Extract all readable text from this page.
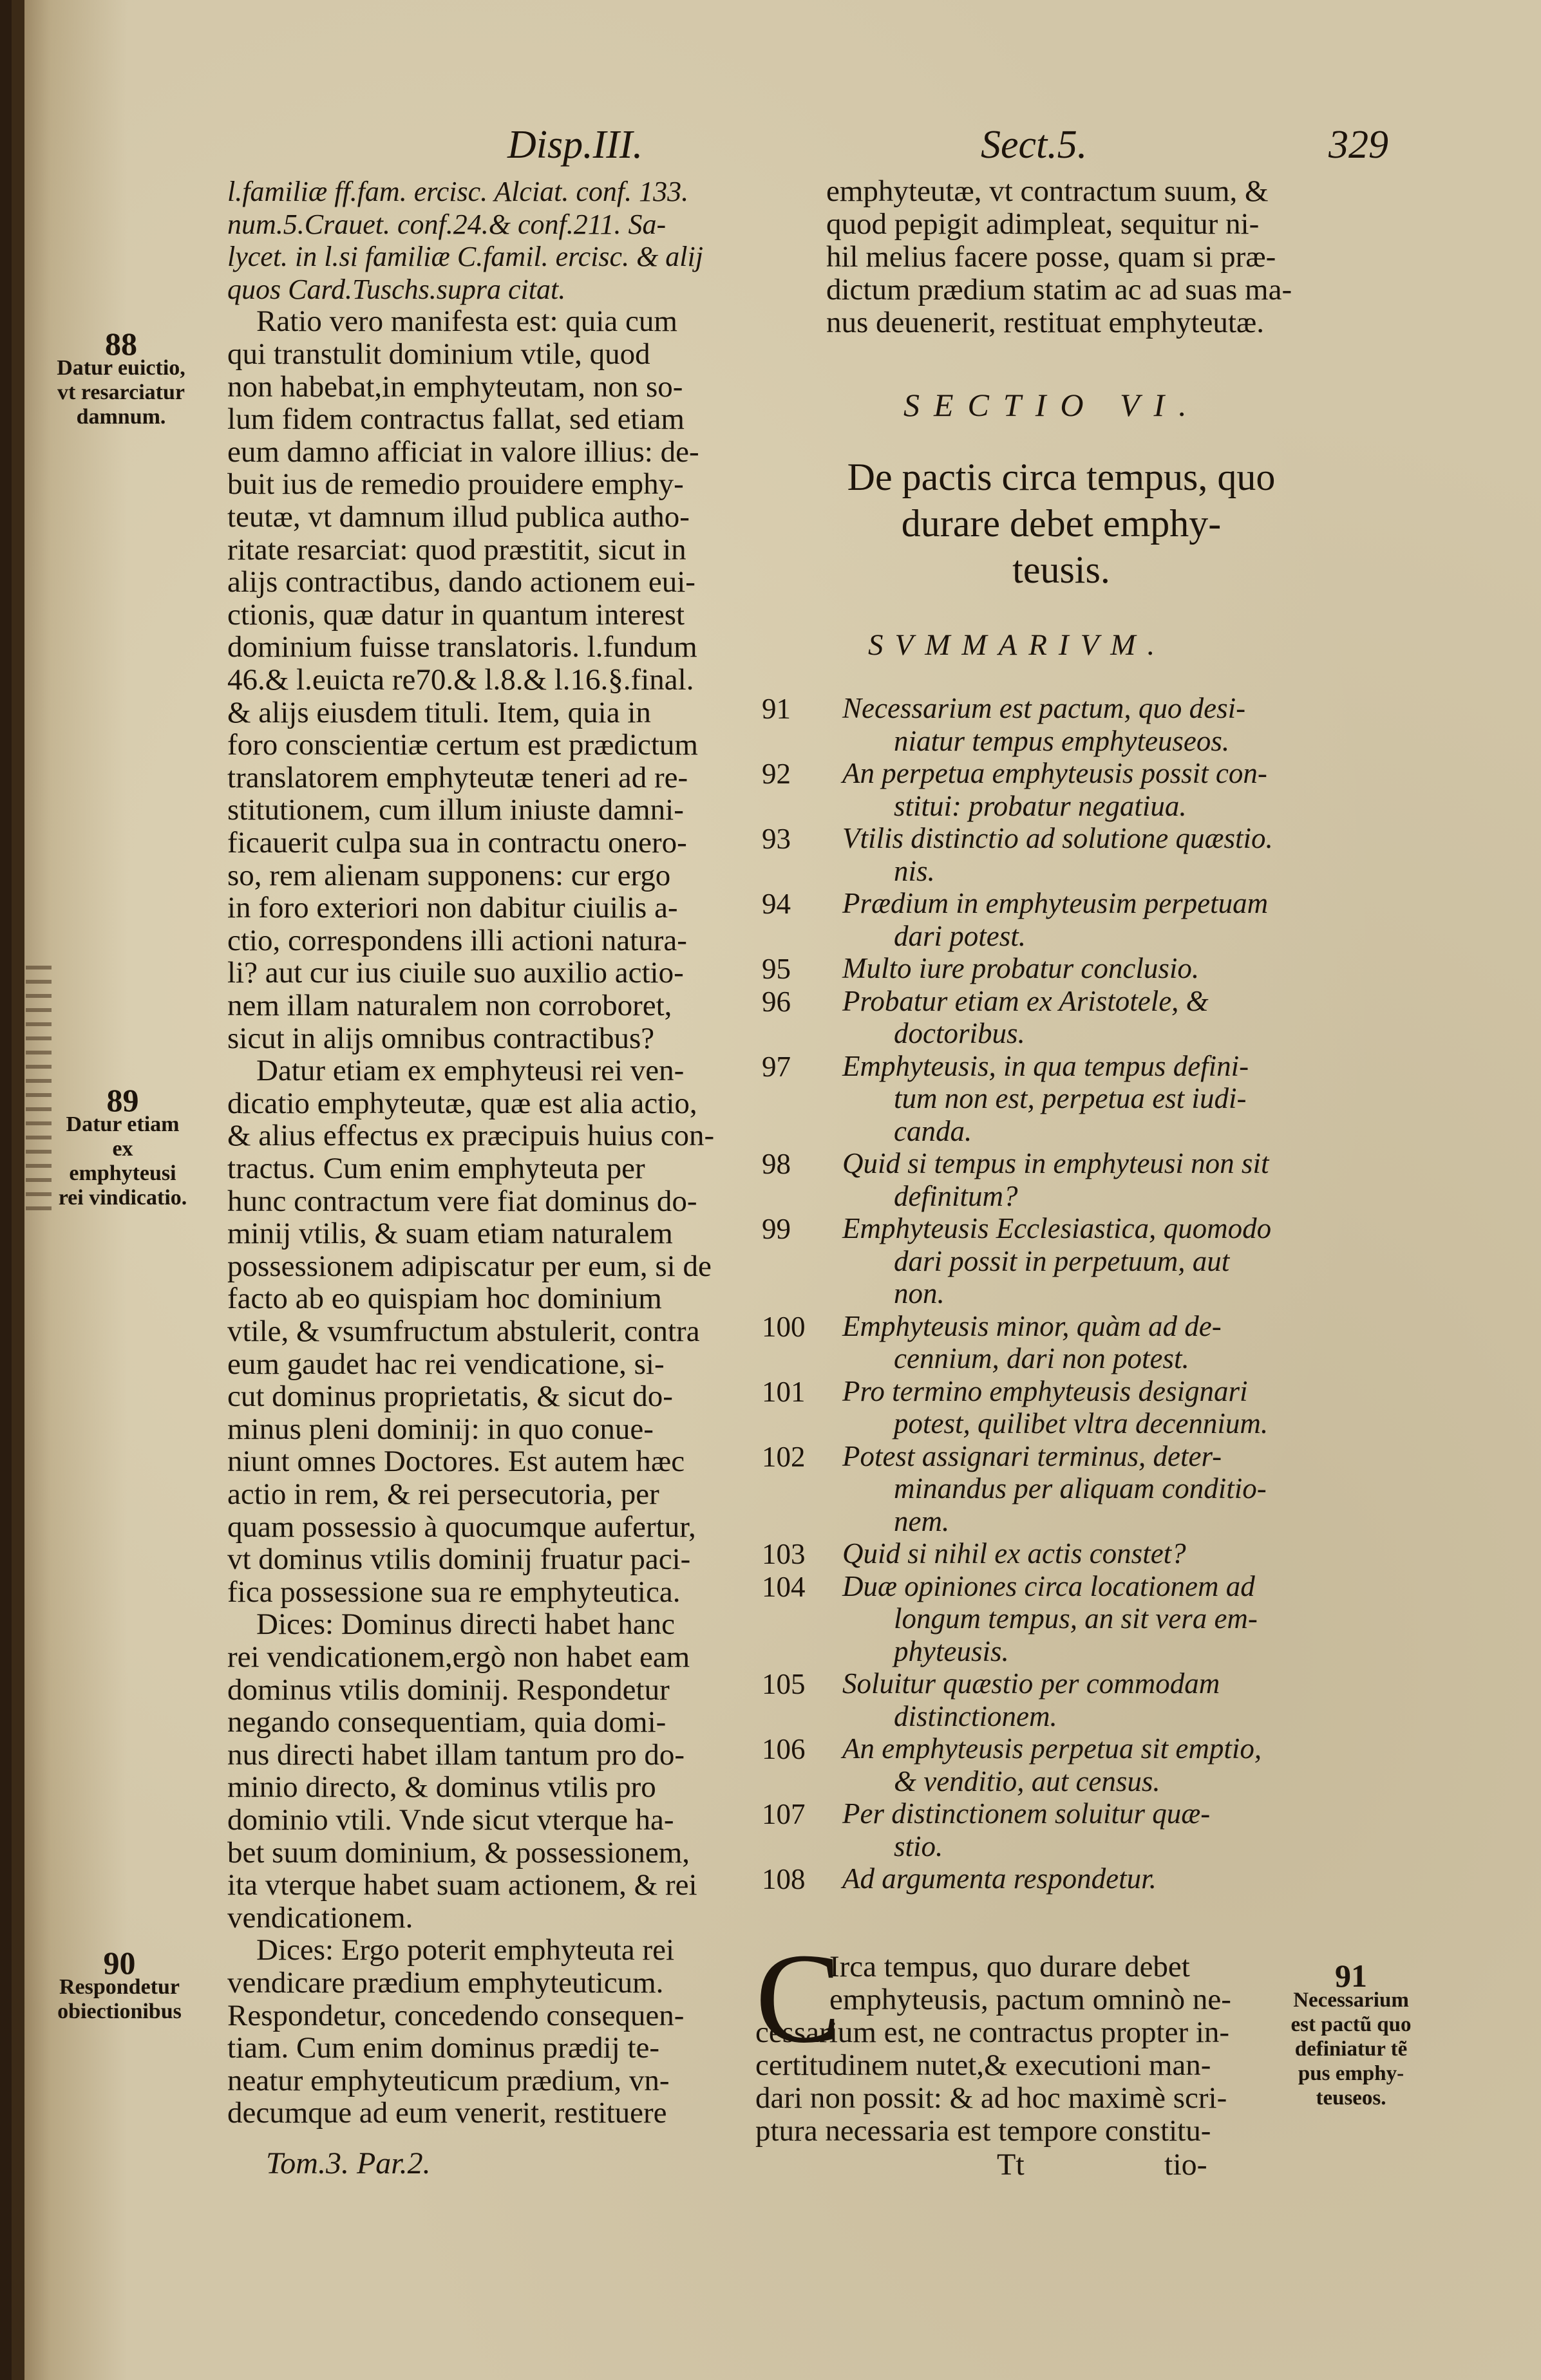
Disp.III.	Sect.5.	329
88
Datur euictio,
vt resarciatur
damnum.
89
Datur etiam
ex emphyteusi
rei vindicatio.
90
Respondetur
obiectionibus
l.familiæ ff.fam. ercisc. Alciat. conf. 133.
num.5.Crauet. conf.24.& conf.211. Sa-
lycet. in l.si familiæ C.famil. ercisc. & alij
quos Card.Tuschs.supra citat.
Ratio vero manifesta est: quia cum
qui transtulit dominium vtile, quod
non habebat,in emphyteutam, non so-
lum fidem contractus fallat, sed etiam
eum damno afficiat in valore illius: de-
buit ius de remedio prouidere emphy-
teutæ, vt damnum illud publica autho-
ritate resarciat: quod præstitit, sicut in
alijs contractibus, dando actionem eui-
ctionis, quæ datur in quantum interest
dominium fuisse translatoris. l.fundum
46.& l.euicta re70.& l.8.& l.16.§.final.
& alijs eiusdem tituli. Item, quia in
foro conscientiæ certum est prædictum
translatorem emphyteutæ teneri ad re-
stitutionem, cum illum iniuste damni-
ficauerit culpa sua in contractu onero-
so, rem alienam supponens: cur ergo
in foro exteriori non dabitur ciuilis a-
ctio, correspondens illi actioni natura-
li? aut cur ius ciuile suo auxilio actio-
nem illam naturalem non corroboret,
sicut in alijs omnibus contractibus?
Datur etiam ex emphyteusi rei ven-
dicatio emphyteutæ, quæ est alia actio,
& alius effectus ex præcipuis huius con-
tractus. Cum enim emphyteuta per
hunc contractum vere fiat dominus do-
minij vtilis, & suam etiam naturalem
possessionem adipiscatur per eum, si de
facto ab eo quispiam hoc dominium
vtile, & vsumfructum abstulerit, contra
eum gaudet hac rei vendicatione, si-
cut dominus proprietatis, & sicut do-
minus pleni dominij: in quo conue-
niunt omnes Doctores. Est autem hæc
actio in rem, & rei persecutoria, per
quam possessio à quocumque aufertur,
vt dominus vtilis dominij fruatur paci-
fica possessione sua re emphyteutica.
Dices: Dominus directi habet hanc
rei vendicationem,ergò non habet eam
dominus vtilis dominij. Respondetur
negando consequentiam, quia domi-
nus directi habet illam tantum pro do-
minio directo, & dominus vtilis pro
dominio vtili. Vnde sicut vterque ha-
bet suum dominium, & possessionem,
ita vterque habet suam actionem, & rei
vendicationem.
Dices: Ergo poterit emphyteuta rei
vendicare prædium emphyteuticum.
Respondetur, concedendo consequen-
tiam. Cum enim dominus prædij te-
neatur emphyteuticum prædium, vn-
decumque ad eum venerit, restituere
Tom.3. Par.2.
emphyteutæ, vt contractum suum, &
quod pepigit adimpleat, sequitur ni-
hil melius facere posse, quam si præ-
dictum prædium statim ac ad suas ma-
nus deuenerit, restituat emphyteutæ.
SECTIO VI.
De pactis circa tempus, quo
durare debet emphy-
teusis.
SVMMARIVM.
91 Necessarium est pactum, quo desi-
niatur tempus emphyteuseos.
92 An perpetua emphyteusis possit con-
stitui: probatur negatiua.
93 Vtilis distinctio ad solutione quæstio.
nis.
94 Prædium in emphyteusim perpetuam
dari potest.
95 Multo iure probatur conclusio.
96 Probatur etiam ex Aristotele, &
doctoribus.
97 Emphyteusis, in qua tempus defini-
tum non est, perpetua est iudi-
canda.
98 Quid si tempus in emphyteusi non sit
definitum?
99 Emphyteusis Ecclesiastica, quomodo
dari possit in perpetuum, aut
non.
100 Emphyteusis minor, quàm ad de-
cennium, dari non potest.
101 Pro termino emphyteusis designari
potest, quilibet vltra decennium.
102 Potest assignari terminus, deter-
minandus per aliquam conditio-
nem.
103 Quid si nihil ex actis constet?
104 Duæ opiniones circa locationem ad
longum tempus, an sit vera em-
phyteusis.
105 Soluitur quæstio per commodam
distinctionem.
106 An emphyteusis perpetua sit emptio,
& venditio, aut census.
107 Per distinctionem soluitur quæ-
stio.
108 Ad argumenta respondetur.
C
Irca tempus, quo durare debet
emphyteusis, pactum omninò ne-
cessarium est, ne contractus propter in-
certitudinem nutet,& executioni man-
dari non possit: & ad hoc maximè scri-
ptura necessaria est tempore constitu-
Tt	tio-
91
Necessarium
est pactũ quo
definiatur tẽ
pus emphy-
teuseos.
